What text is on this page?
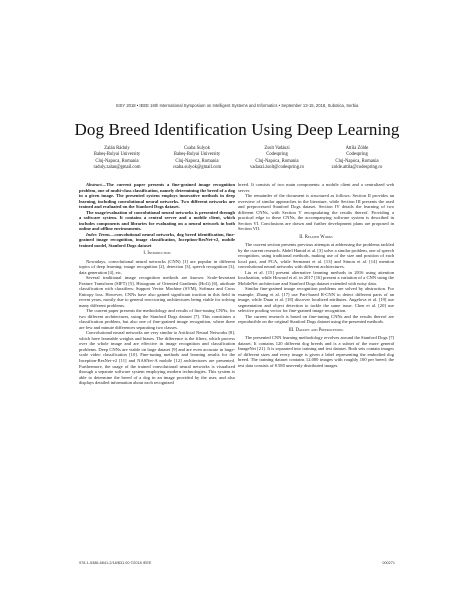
SISY 2018 • IEEE 16th International Symposium on Intelligent Systems and Informatics • September 13-15, 2018, Subotica, Serbia
Dog Breed Identification Using Deep Learning
Zalán Ráduly
Babeș-Bolyai University
Cluj-Napoca, Romania
raduly.zalan@gmail.com
Csaba Sulyok
Babeș-Bolyai University
Cluj-Napoca, Romania
csaba.sulyok@gmail.com
Zsolt Vadászi
Codespring
Cluj-Napoca, Romania
vadaszi.zsolt@codespring.ro
Attila Zölde
Codespring
Cluj-Napoca, Romania
zolde.attila@codespring.ro

Abstract—The current paper presents a fine-grained image recognition problem, one of multi-class classification, namely determining the breed of a dog in a given image. The presented system employs innovative methods in deep learning, including convolutional neural networks. Two different networks are trained and evaluated on the Stanford Dogs dataset.

The usage/evaluation of convolutional neural networks is presented through a software system. It contains a central server and a mobile client, which includes components and libraries for evaluating on a neural network in both online and offline environments.

Index Terms—convolutional neural networks, dog breed identification, fine-grained image recognition, image classification, Inception-ResNet-v2, mobile trained model, Stanford Dogs dataset

I. Introduction

Nowadays, convolutional neural networks (CNN) [1] are popular in different topics of deep learning: image recognition [2], detection [3], speech recognition [3], data generation [4], etc.

Several traditional image recognition methods are known: Scale-Invariant Feature Transform (SIFT) [5], Histogram of Oriented Gradients (HoG) [6], attribute classification with classifiers: Support Vector Machine (SVM), Softmax and Cross Entropy loss. However, CNNs have also gained significant traction in this field in recent years, mostly due to general reoccurring architectures being viable for solving many different problems.

The current paper presents the methodology and results of fine-tuning CNNs, for two different architectures, using the Stanford Dogs dataset [7]. This constitutes a classification problem, but also one of fine-grained image recognition, where there are few and minute differences separating two classes.

Convolutional neural networks are very similar to Artificial Neural Networks [8], which have learnable weights and biases. The difference is the filters, which process over the whole image and are effective in image recognition and classification problems. Deep CNNs are viable on large dataset [9] and are even accurate in large-scale video classification [10]. Fine-tuning methods and learning results for the Inception-ResNet-v2 [11] and NASNet-A mobile [12] architectures are presented. Furthermore, the usage of the trained convolutional neural networks is visualized through a separate software system employing modern technologies. This system is able to determine the breed of a dog in an image provided by the user, and also displays detailed information about each recognized

breed. It consists of two main components: a mobile client and a centralized web server.

The remainder of the document is structured as follows: Section II provides an overview of similar approaches in the literature, while Section III presents the used and preprocessed Stanford Dogs dataset. Section IV details the learning of two different CNNs, with Section V encapsulating the results thereof. Providing a practical edge to these CNNs, the accompanying software system is described in Section VI. Conclusions are drawn and further development plans are proposed in Section VII.

II. Related Works

The current section presents previous attempts at addressing the problems tackled by the current research. Abdel Hamid et al. [3] solve a similar problem, one of speech recognition, using traditional methods, making use of the size and position of each local part, and PCA, while Sermanet et al. [13] and Simon et al. [14] mention convolutional neural networks with different architectures.

Liu et al. [15] present alternative learning methods in 2016 using attention localization, while Howard et al. in 2017 [16] present a variation of a CNN using the MobileNet architecture and Stanford Dogs dataset extended with noisy data.

Similar fine-grained image recognition problems are solved by abstraction. For example, Zhang et al. [17] use Part-based R-CNN to detect different parts of an image, while Duan et al. [18] discover localized attributes. Angelova et al. [19] use segmentation and object detection to tackle the same issue. Chen et al. [20] use selective pooling vector for fine-grained image recognition.

The current research is based on fine-tuning CNNs and the results thereof are reproducible on the original Stanford Dogs dataset using the presented methods.

III. Dataset and Preprocessing

The presented CNN learning methodology revolves around the Stanford Dogs [7] dataset. It contains 120 different dog breeds and is a subset of the more general ImageNet [21]. It is separated into training and test dataset. Both sets contain images of different sizes and every image is given a label representing the embodied dog breed. The training dataset contains 12.000 images with roughly 100 per breed; the test data consists of 8.580 unevenly distributed images.

978-1-5386-6841-2/18/$31.00 ©2018 IEEE	000271
